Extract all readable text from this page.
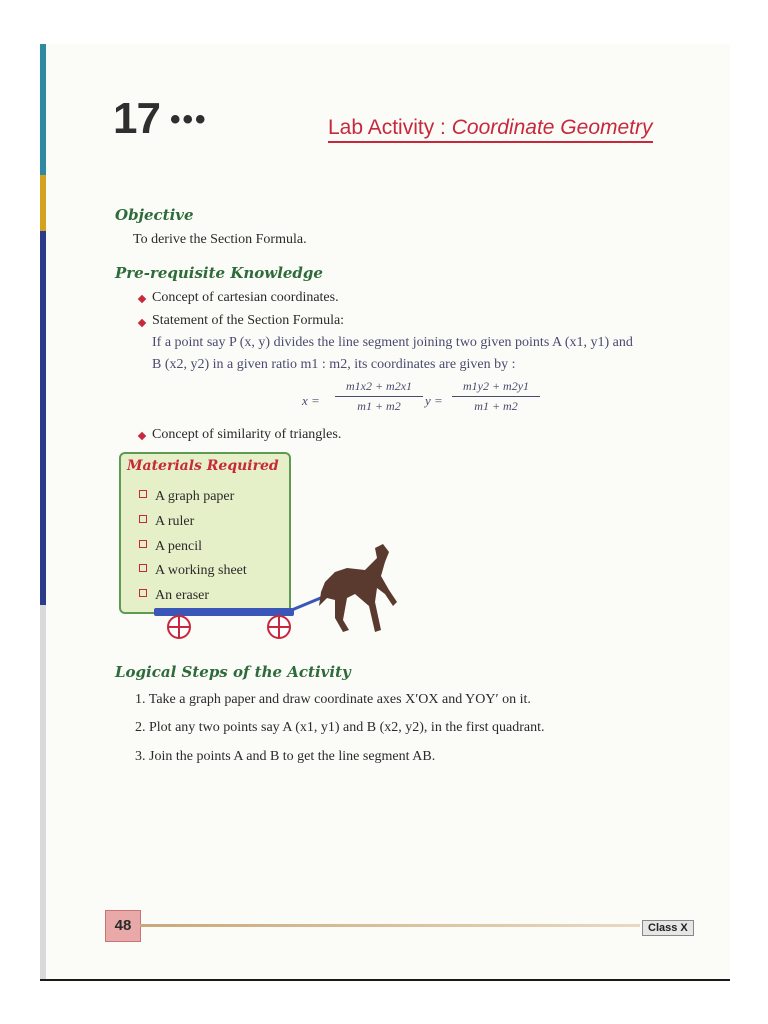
17 •••	Lab Activity : Coordinate Geometry
Objective
To derive the Section Formula.
Pre-requisite Knowledge
Concept of cartesian coordinates.
Statement of the Section Formula:
If a point say P (x, y) divides the line segment joining two given points A (x1, y1) and
B (x2, y2) in a given ratio m1 : m2, its coordinates are given by :
x =
m1x2 + m2x1
m1 + m2	y =
m1y2 + m2y1
m1 + m2
Concept of similarity of triangles.
Materials Required
A graph paper
A ruler
A pencil
A working sheet
An eraser
Logical Steps of the Activity
1. Take a graph paper and draw coordinate axes X′OX and YOY′ on it.
2. Plot any two points say A (x1, y1) and B (x2, y2), in the first quadrant.
3. Join the points A and B to get the line segment AB.
48	Class X
